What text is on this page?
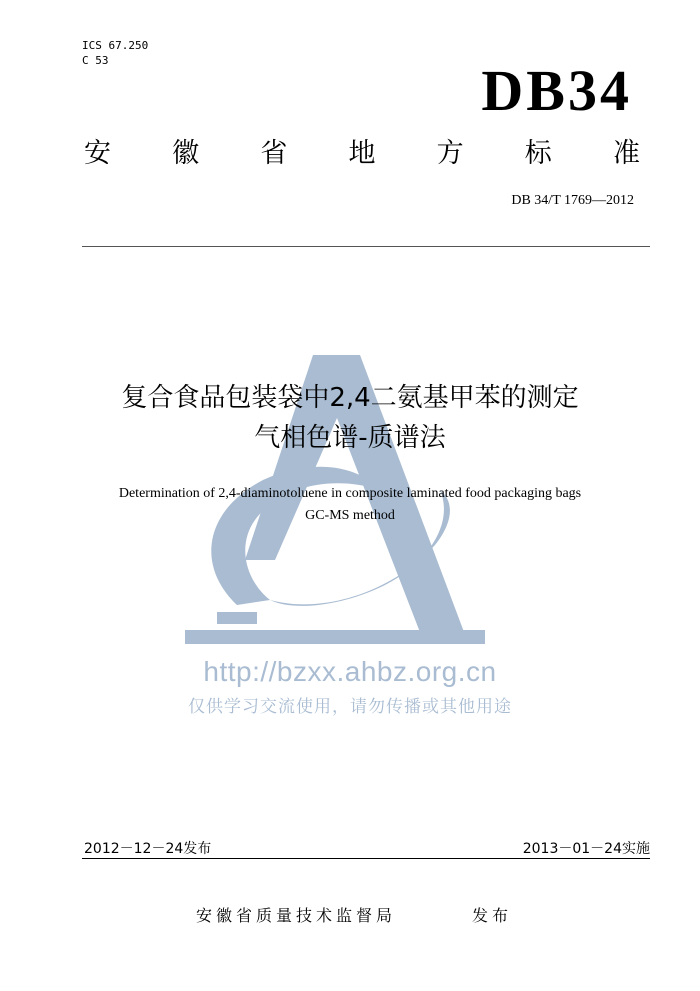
ICS 67.250
C 53	DB34
安 徽 省 地 方 标 准
DB 34/T 1769—2012
http://bzxx.ahbz.org.cn
仅供学习交流使用，请勿传播或其他用途
复合食品包装袋中2,4二氨基甲苯的测定
气相色谱-质谱法
Determination of 2,4-diaminotoluene in composite laminated food packaging bags
GC-MS method
2012－12－24发布	2013－01－24实施
安徽省质量技术监督局	发布
